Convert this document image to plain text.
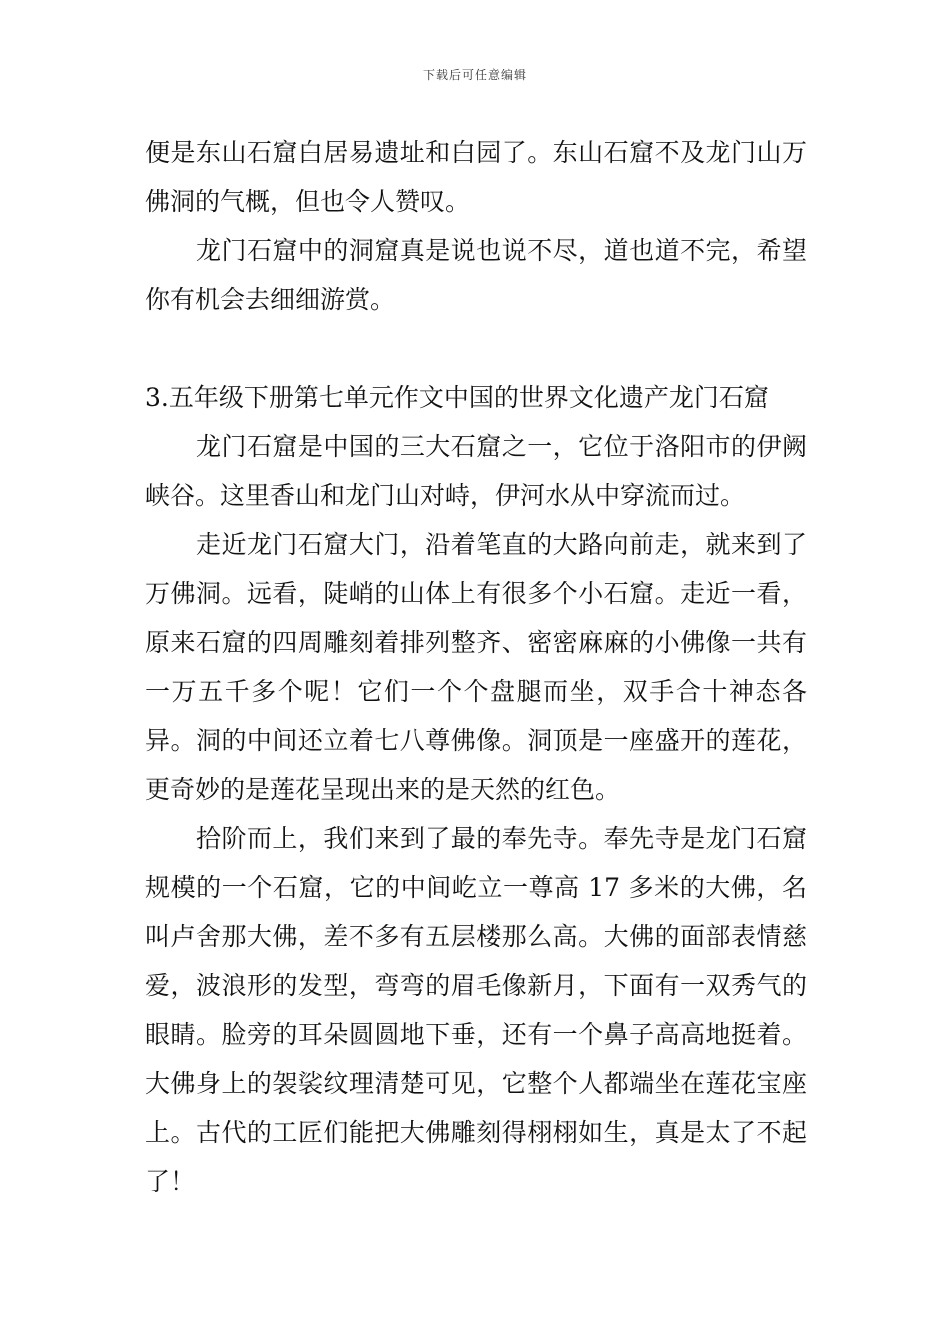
下载后可任意编辑

便是东山石窟白居易遗址和白园了。东山石窟不及龙门山万佛洞的气概，但也令人赞叹。

龙门石窟中的洞窟真是说也说不尽，道也道不完，希望你有机会去细细游赏。

3.五年级下册第七单元作文中国的世界文化遗产龙门石窟

龙门石窟是中国的三大石窟之一，它位于洛阳市的伊阙峡谷。这里香山和龙门山对峙，伊河水从中穿流而过。

走近龙门石窟大门，沿着笔直的大路向前走，就来到了万佛洞。远看，陡峭的山体上有很多个小石窟。走近一看，原来石窟的四周雕刻着排列整齐、密密麻麻的小佛像一共有一万五千多个呢！它们一个个盘腿而坐，双手合十神态各异。洞的中间还立着七八尊佛像。洞顶是一座盛开的莲花，更奇妙的是莲花呈现出来的是天然的红色。

拾阶而上，我们来到了最的奉先寺。奉先寺是龙门石窟规模的一个石窟，它的中间屹立一尊高 17 多米的大佛，名叫卢舍那大佛，差不多有五层楼那么高。大佛的面部表情慈爱，波浪形的发型，弯弯的眉毛像新月，下面有一双秀气的眼睛。脸旁的耳朵圆圆地下垂，还有一个鼻子高高地挺着。大佛身上的袈裟纹理清楚可见，它整个人都端坐在莲花宝座上。古代的工匠们能把大佛雕刻得栩栩如生，真是太了不起了！
